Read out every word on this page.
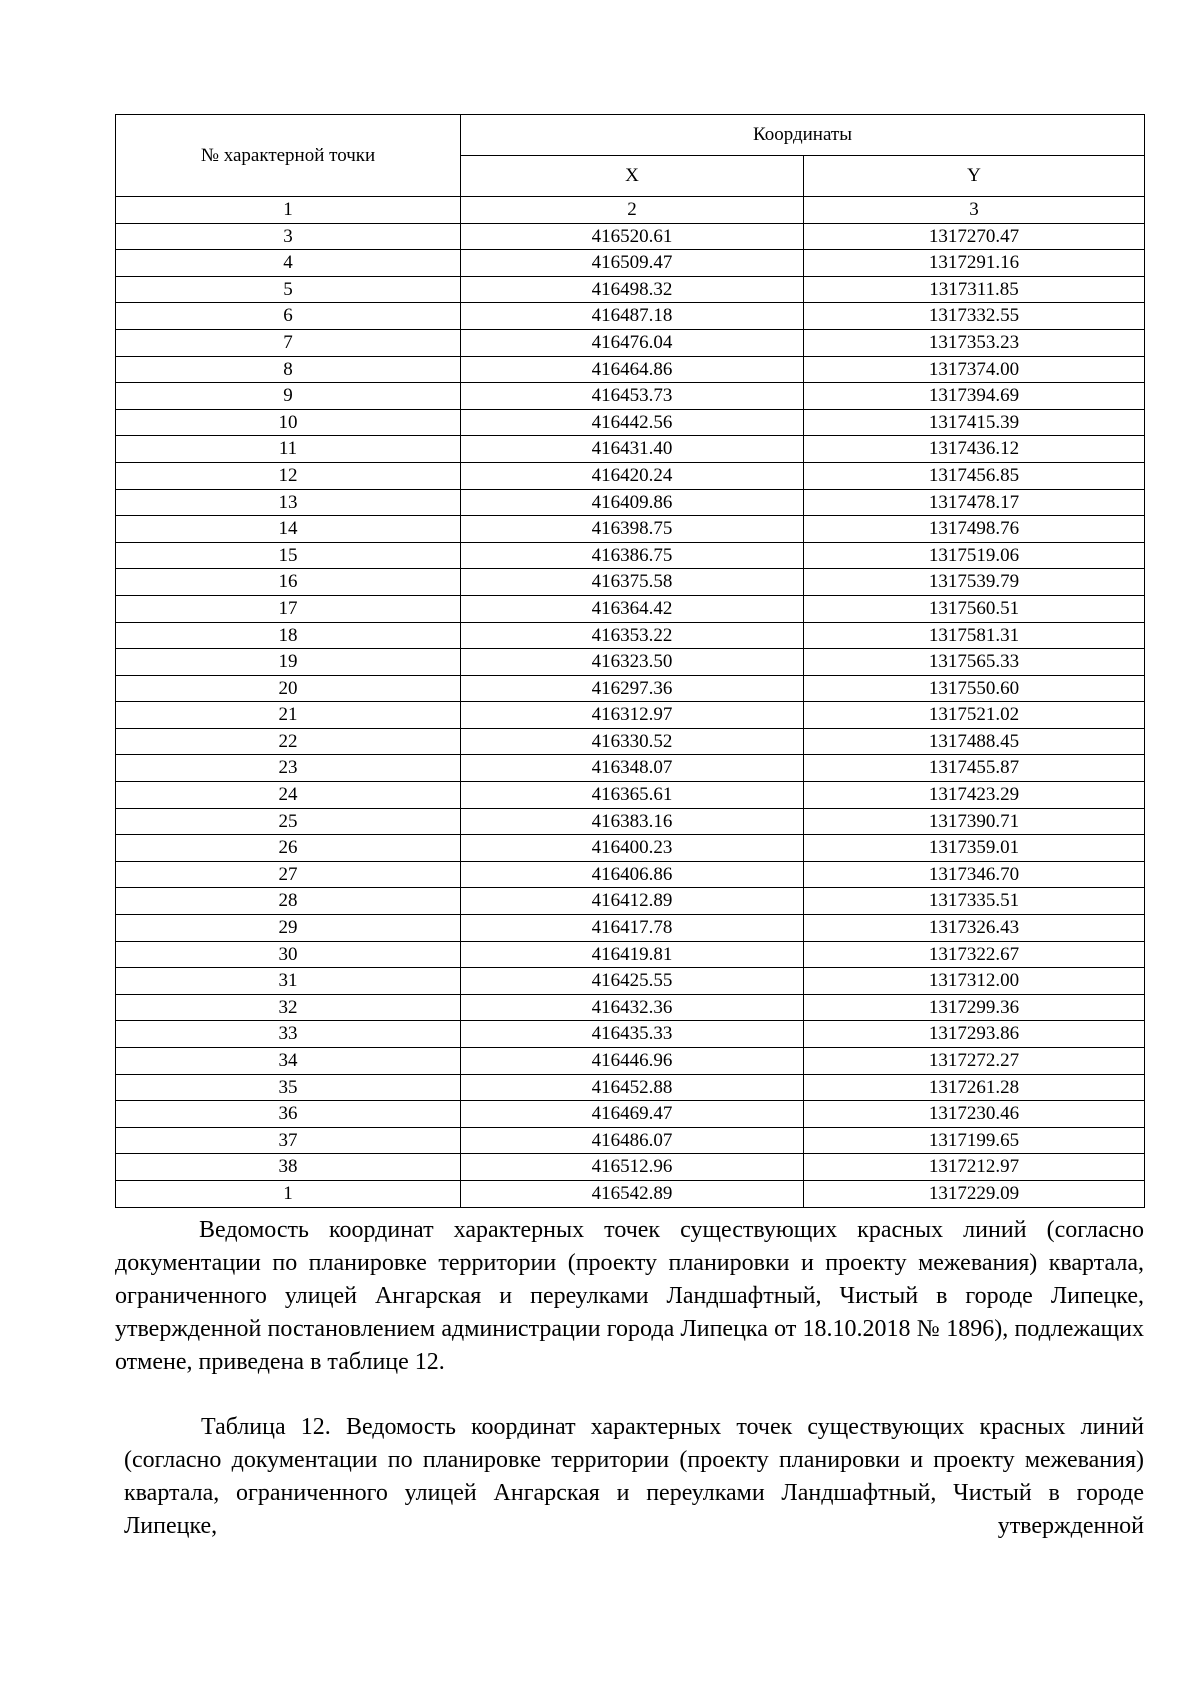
№ характерной точки	Координаты	
	X	Y
1	2	3
3	416520.61	1317270.47
4	416509.47	1317291.16
5	416498.32	1317311.85
6	416487.18	1317332.55
7	416476.04	1317353.23
8	416464.86	1317374.00
9	416453.73	1317394.69
10	416442.56	1317415.39
11	416431.40	1317436.12
12	416420.24	1317456.85
13	416409.86	1317478.17
14	416398.75	1317498.76
15	416386.75	1317519.06
16	416375.58	1317539.79
17	416364.42	1317560.51
18	416353.22	1317581.31
19	416323.50	1317565.33
20	416297.36	1317550.60
21	416312.97	1317521.02
22	416330.52	1317488.45
23	416348.07	1317455.87
24	416365.61	1317423.29
25	416383.16	1317390.71
26	416400.23	1317359.01
27	416406.86	1317346.70
28	416412.89	1317335.51
29	416417.78	1317326.43
30	416419.81	1317322.67
31	416425.55	1317312.00
32	416432.36	1317299.36
33	416435.33	1317293.86
34	416446.96	1317272.27
35	416452.88	1317261.28
36	416469.47	1317230.46
37	416486.07	1317199.65
38	416512.96	1317212.97
1	416542.89	1317229.09

Ведомость координат характерных точек существующих красных линий (согласно документации по планировке территории (проекту планировки и проекту межевания) квартала, ограниченного улицей Ангарская и переулками Ландшафтный, Чистый в городе Липецке, утвержденной постановлением администрации города Липецка от 18.10.2018 № 1896), подлежащих отмене, приведена в таблице 12.

Таблица 12. Ведомость координат характерных точек существующих красных линий (согласно документации по планировке территории (проекту планировки и проекту межевания) квартала, ограниченного улицей Ангарская и переулками Ландшафтный, Чистый в городе Липецке, утвержденной
